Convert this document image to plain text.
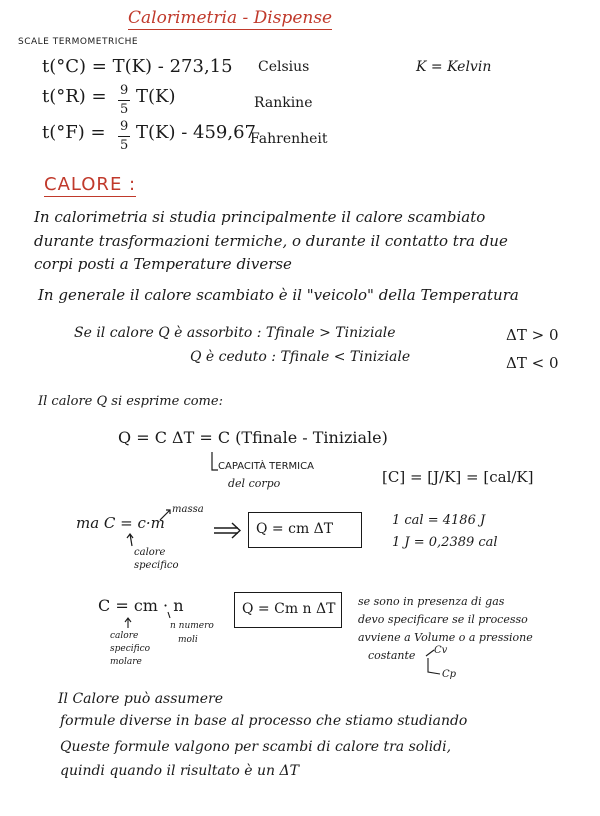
Calorimetria - Dispense
SCALE TERMOMETRICHE
t(°C) = T(K) - 273,15 Celsius	K = Kelvin
t(°R) = 9
5
T(K)	Rankine
t(°F) = 9
5
T(K) - 459,67
Fahrenheit
CALORE :
In calorimetria si studia principalmente il calore scambiato
durante trasformazioni termiche, o durante il contatto tra due
corpi posti a Temperature diverse
In generale il calore scambiato è il "veicolo" della Temperatura
Se il calore Q è assorbito : Tfinale > Tiniziale	ΔT > 0
Q è ceduto : Tfinale < Tiniziale	ΔT < 0
Il calore Q si esprime come:
Q = C ΔT = C (Tfinale - Tiniziale)
CAPACITÀ TERMICA
del corpo	[C] = [J/K] = [cal/K]
ma C = c·m
massa
calore
specifico
Q = cm ΔT
1 cal = 4186 J
1 J = 0,2389 cal
C = cm · n
calore
specifico
molare
n numero
moli
Q = Cm n ΔT se sono in presenza di gas
devo specificare se il processo
avviene a Volume o a pressione
costante Cv
Cp
Il Calore può assumere
formule diverse in base al processo che stiamo studiando
Queste formule valgono per scambi di calore tra solidi,
quindi quando il risultato è un ΔT
